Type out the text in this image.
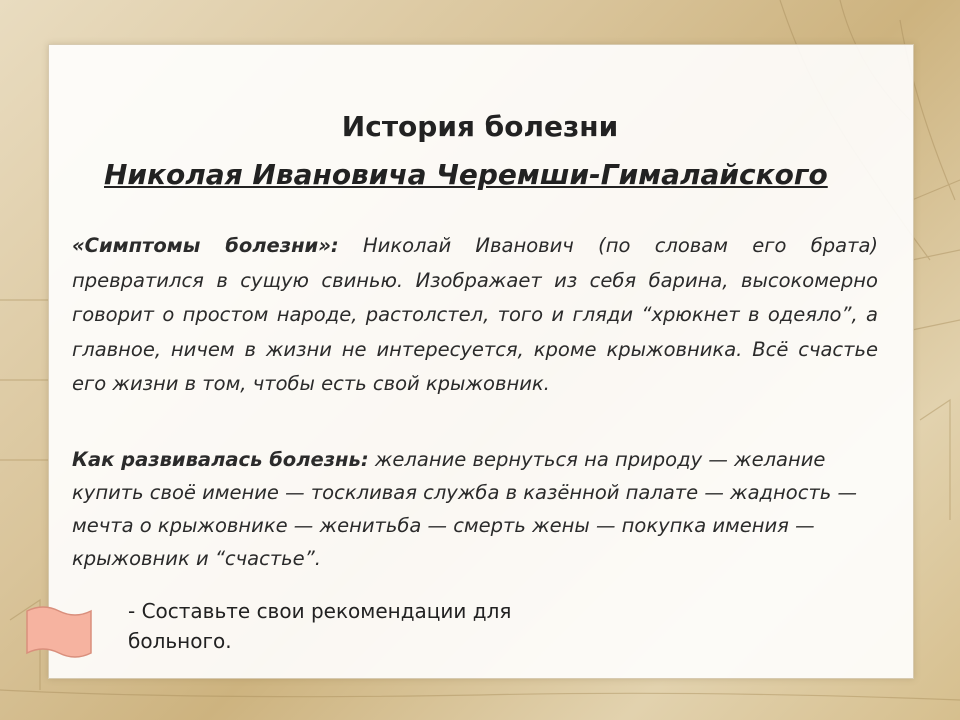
История болезни
Николая Ивановича Черемши-Гималайского
«Симптомы болезни»: Николай Иванович (по словам его брата) превратился в сущую свинью. Изображает из себя барина, высокомерно говорит о простом народе, растолстел, того и гляди “хрюкнет в одеяло”, а главное, ничем в жизни не интересуется, кроме крыжовника. Всё счастье его жизни в том, чтобы есть свой крыжовник.
Как развивалась болезнь: желание вернуться на природу — желание купить своё имение — тоскливая служба в казённой палате — жадность — мечта о крыжовнике — женитьба — смерть жены — покупка имения — крыжовник и “счастье”.
- Составьте свои рекомендации для больного.
